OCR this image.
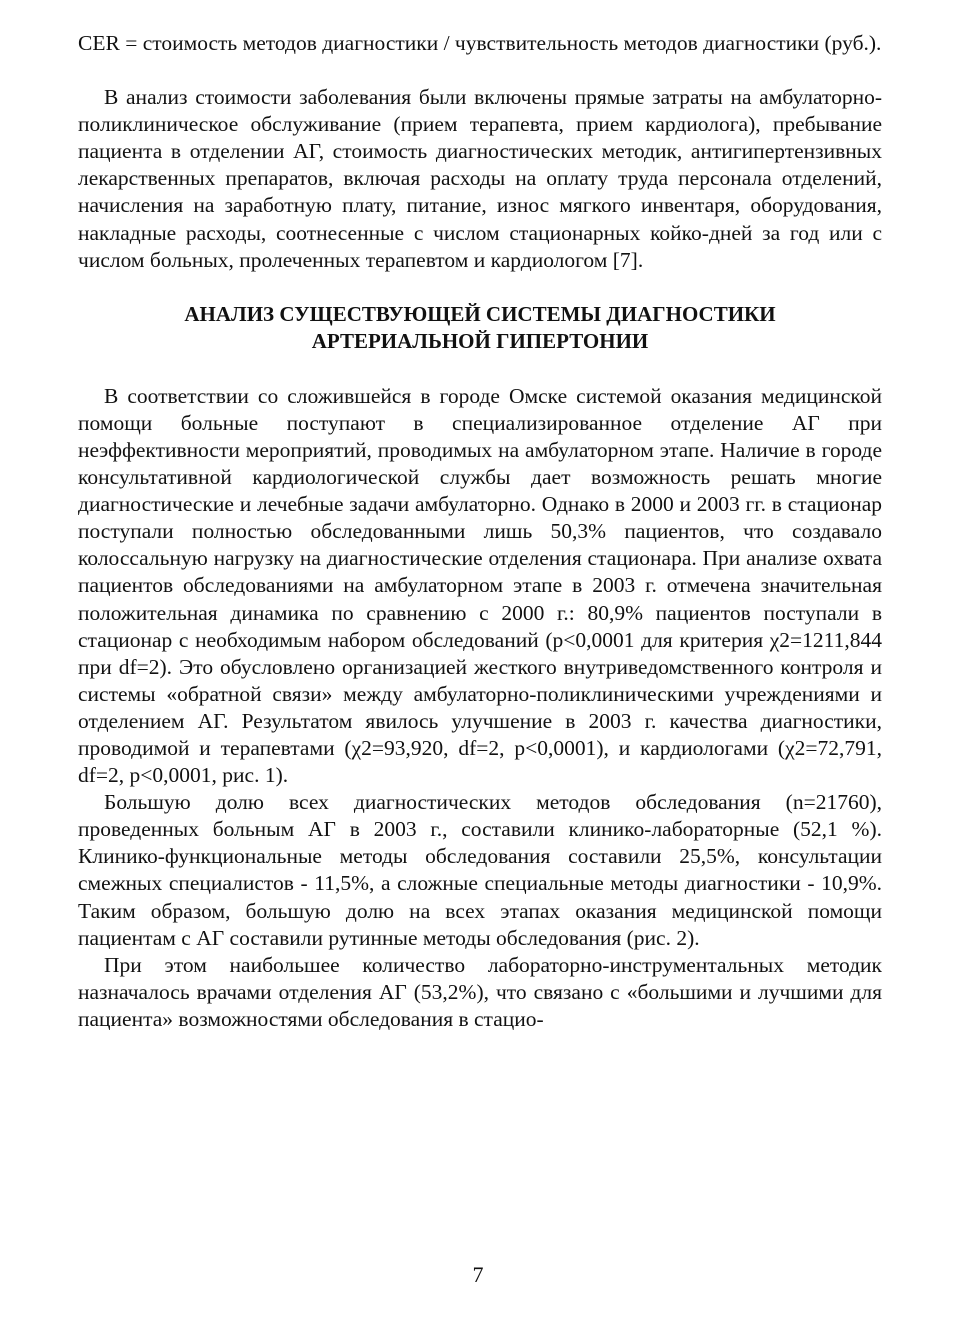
CER = стоимость методов диагностики / чувствительность методов диагностики (руб.).

В анализ стоимости заболевания были включены прямые затраты на амбулаторно-поликлиническое обслуживание (прием терапевта, прием кардиолога), пребывание пациента в отделении АГ, стоимость диагностических методик, антигипертензивных лекарственных препаратов, включая расходы на оплату труда персонала отделений, начисления на заработную плату, питание, износ мягкого инвентаря, оборудования, накладные расходы, соотнесенные с числом стационарных койко-дней за год или с числом больных, пролеченных терапевтом и кардиологом [7].

АНАЛИЗ СУЩЕСТВУЮЩЕЙ СИСТЕМЫ ДИАГНОСТИКИ
АРТЕРИАЛЬНОЙ ГИПЕРТОНИИ

В соответствии со сложившейся в городе Омске системой оказания медицинской помощи больные поступают в специализированное отделение АГ при неэффективности мероприятий, проводимых на амбулаторном этапе. Наличие в городе консультативной кардиологической службы дает возможность решать многие диагностические и лечебные задачи амбулаторно. Однако в 2000 и 2003 гг. в стационар поступали полностью обследованными лишь 50,3% пациентов, что создавало колоссальную нагрузку на диагностические отделения стационара. При анализе охвата пациентов обследованиями на амбулаторном этапе в 2003 г. отмечена значительная положительная динамика по сравнению с 2000 г.: 80,9% пациентов поступали в стационар с необходимым набором обследований (p<0,0001 для критерия χ2=1211,844 при df=2). Это обусловлено организацией жесткого внутриведомственного контроля и системы «обратной связи» между амбулаторно-поликлиническими учреждениями и отделением АГ. Результатом явилось улучшение в 2003 г. качества диагностики, проводимой и терапевтами (χ2=93,920, df=2, p<0,0001), и кардиологами (χ2=72,791, df=2, p<0,0001, рис. 1).

Большую долю всех диагностических методов обследования (n=21760), проведенных больным АГ в 2003 г., составили клинико-лабораторные (52,1 %). Клинико-функциональные методы обследования составили 25,5%, консультации смежных специалистов - 11,5%, а сложные специальные методы диагностики - 10,9%. Таким образом, большую долю на всех этапах оказания медицинской помощи пациентам с АГ составили рутинные методы обследования (рис. 2).

При этом наибольшее количество лабораторно-инструментальных методик назначалось врачами отделения АГ (53,2%), что связано с «большими и лучшими для пациента» возможностями обследования в стацио-

7
